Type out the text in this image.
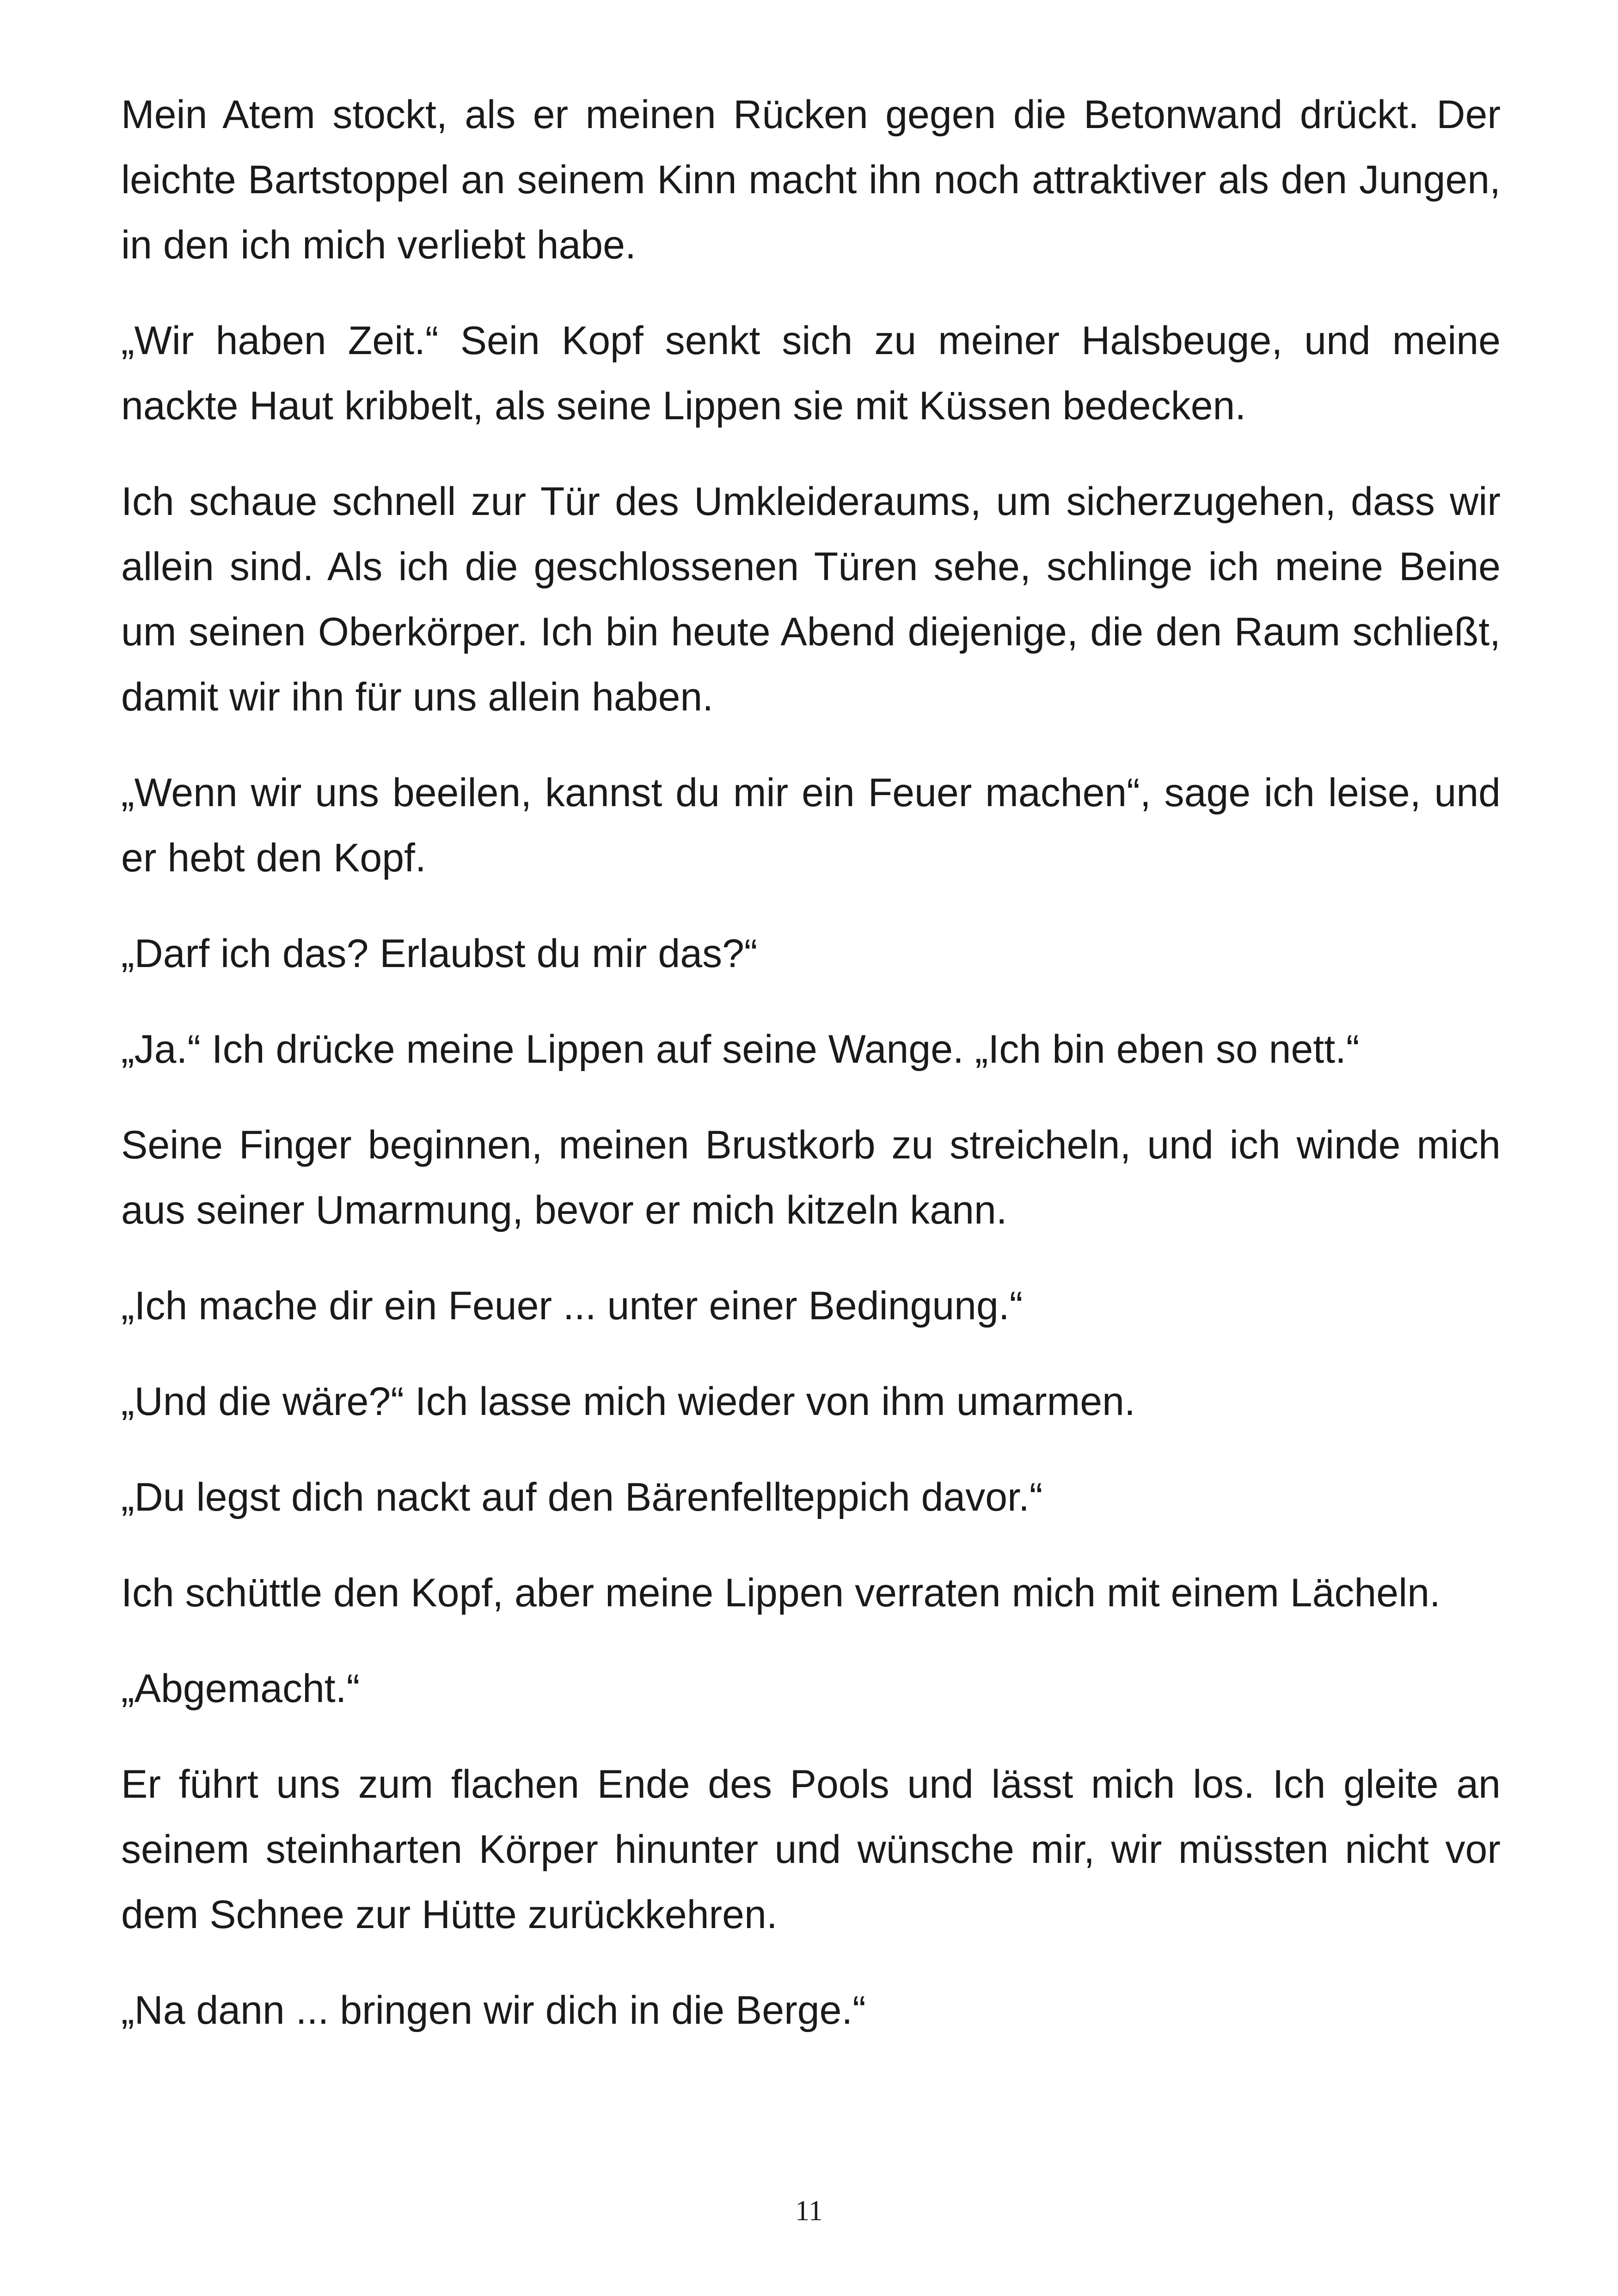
Mein Atem stockt, als er meinen Rücken gegen die Betonwand drückt. Der leichte Bartstoppel an seinem Kinn macht ihn noch attraktiver als den Jungen, in den ich mich verliebt habe.

„Wir haben Zeit.“ Sein Kopf senkt sich zu meiner Halsbeuge, und meine nackte Haut kribbelt, als seine Lippen sie mit Küssen bedecken.

Ich schaue schnell zur Tür des Umkleideraums, um sicherzugehen, dass wir allein sind. Als ich die geschlossenen Türen sehe, schlinge ich meine Beine um seinen Oberkörper. Ich bin heute Abend diejenige, die den Raum schließt, damit wir ihn für uns allein haben.

„Wenn wir uns beeilen, kannst du mir ein Feuer machen“, sage ich leise, und er hebt den Kopf.

„Darf ich das? Erlaubst du mir das?“

„Ja.“ Ich drücke meine Lippen auf seine Wange. „Ich bin eben so nett.“

Seine Finger beginnen, meinen Brustkorb zu streicheln, und ich winde mich aus seiner Umarmung, bevor er mich kitzeln kann.

„Ich mache dir ein Feuer ... unter einer Bedingung.“

„Und die wäre?“ Ich lasse mich wieder von ihm umarmen.

„Du legst dich nackt auf den Bärenfellteppich davor.“

Ich schüttle den Kopf, aber meine Lippen verraten mich mit einem Lächeln.

„Abgemacht.“

Er führt uns zum flachen Ende des Pools und lässt mich los. Ich gleite an seinem steinharten Körper hinunter und wünsche mir, wir müssten nicht vor dem Schnee zur Hütte zurückkehren.

„Na dann ... bringen wir dich in die Berge.“

11
